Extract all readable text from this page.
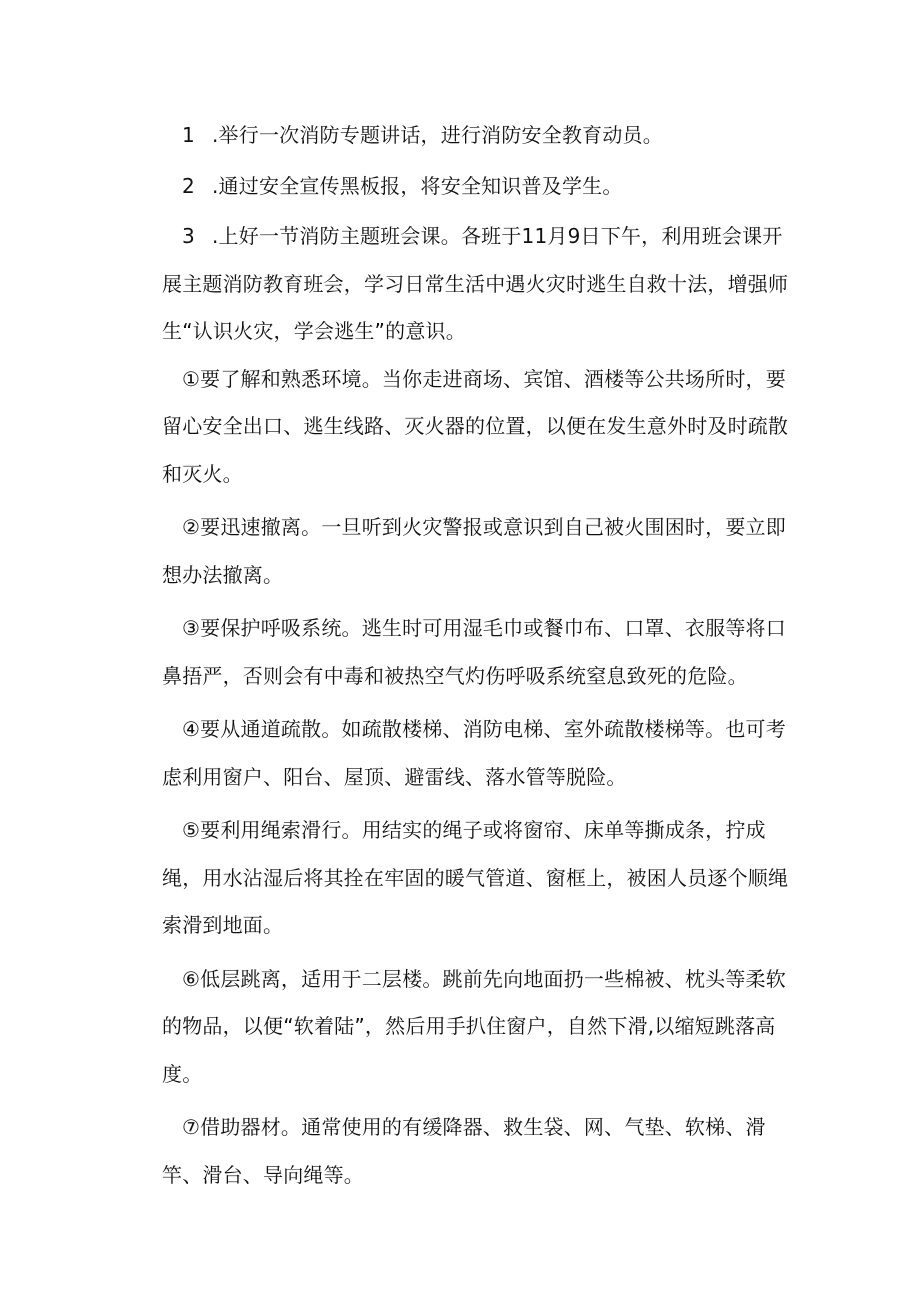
1 .举行一次消防专题讲话，进行消防安全教育动员。

2 .通过安全宣传黑板报，将安全知识普及学生。

3 .上好一节消防主题班会课。各班于11月9日下午，利用班会课开展主题消防教育班会，学习日常生活中遇火灾时逃生自救十法，增强师生“认识火灾，学会逃生”的意识。

①要了解和熟悉环境。当你走进商场、宾馆、酒楼等公共场所时，要留心安全出口、逃生线路、灭火器的位置，以便在发生意外时及时疏散和灭火。

②要迅速撤离。一旦听到火灾警报或意识到自己被火围困时，要立即想办法撤离。

③要保护呼吸系统。逃生时可用湿毛巾或餐巾布、口罩、衣服等将口鼻捂严，否则会有中毒和被热空气灼伤呼吸系统窒息致死的危险。

④要从通道疏散。如疏散楼梯、消防电梯、室外疏散楼梯等。也可考虑利用窗户、阳台、屋顶、避雷线、落水管等脱险。

⑤要利用绳索滑行。用结实的绳子或将窗帘、床单等撕成条，拧成绳，用水沾湿后将其拴在牢固的暖气管道、窗框上，被困人员逐个顺绳索滑到地面。

⑥低层跳离，适用于二层楼。跳前先向地面扔一些棉被、枕头等柔软的物品，以便“软着陆”，然后用手扒住窗户，自然下滑,以缩短跳落高度。

⑦借助器材。通常使用的有缓降器、救生袋、网、气垫、软梯、滑竿、滑台、导向绳等。
